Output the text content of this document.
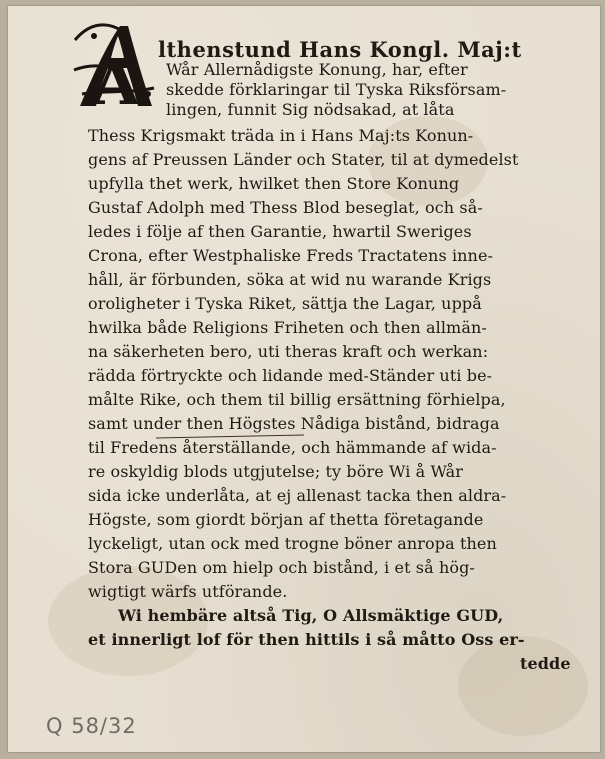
A lthenstund Hans Kongl. Maj:t
Wår Allernådigste Konung, har, efter
skedde förklaringar til Tyska Riksförsam-
lingen, funnit Sig nödsakad, at låta
Thess Krigsmakt träda in i Hans Maj:ts Konun-
gens af Preussen Länder och Stater, til at dymedelst
upfylla thet werk, hwilket then Store Konung
Gustaf Adolph med Thess Blod beseglat, och så-
ledes i följe af then Garantie, hwartil Sweriges
Crona, efter Westphaliske Freds Tractatens inne-
håll, är förbunden, söka at wid nu warande Krigs
oroligheter i Tyska Riket, sättja the Lagar, uppå
hwilka både Religions Friheten och then allmän-
na säkerheten bero, uti theras kraft och werkan:
rädda förtryckte och lidande med-Ständer uti be-
målte Rike, och them til billig ersättning förhielpa,
samt under then Högstes Nådiga bistånd, bidraga
til Fredens återställande, och hämmande af wida-
re oskyldig blods utgjutelse; ty böre Wi å Wår
sida icke underlåta, at ej allenast tacka then aldra-
Högste, som giordt början af thetta företagande
lyckeligt, utan ock med trogne böner anropa then
Stora GUDen om hielp och bistånd, i et så hög-
wigtigt wärfs utförande.
Wi hembäre altså Tig, O Allsmäktige GUD,
et innerligt lof för then hittils i så måtto Oss er-
tedde
Q 58/32
